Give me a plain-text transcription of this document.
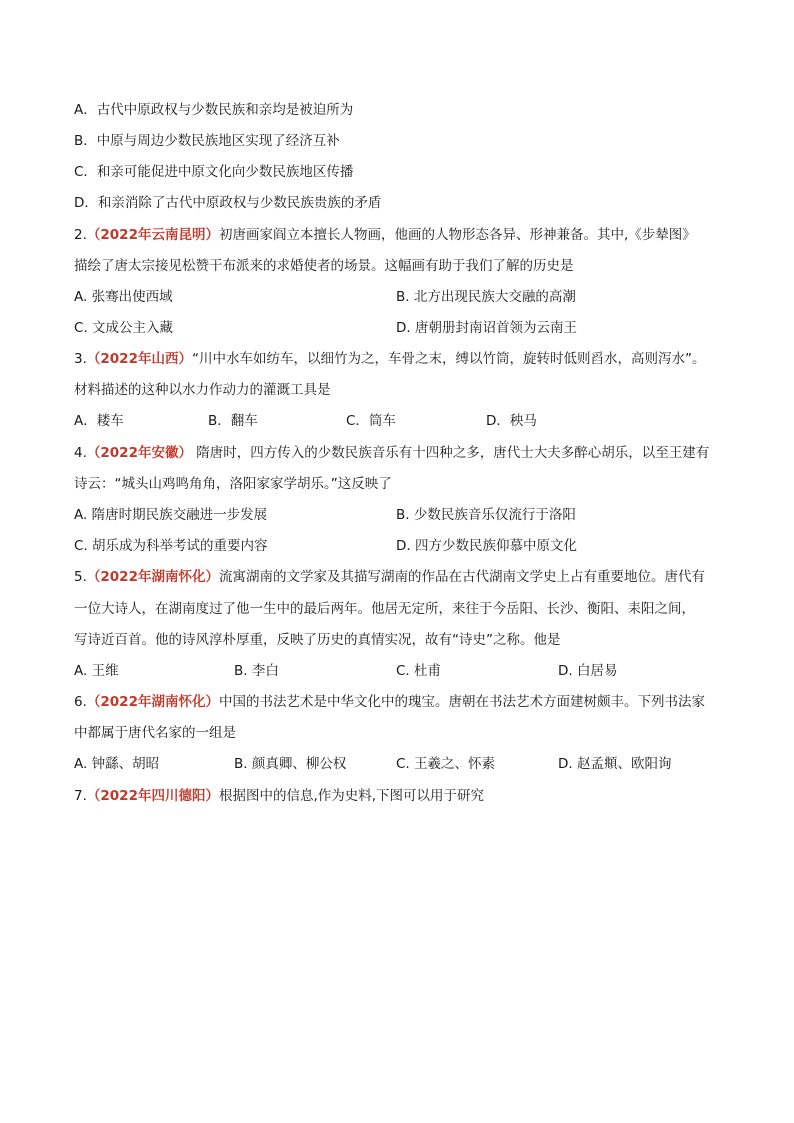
A．古代中原政权与少数民族和亲均是被迫所为
B．中原与周边少数民族地区实现了经济互补
C．和亲可能促进中原文化向少数民族地区传播
D．和亲消除了古代中原政权与少数民族贵族的矛盾
2.（2022年云南昆明）初唐画家阎立本擅长人物画，他画的人物形态各异、形神兼备。其中,《步辇图》
描绘了唐太宗接见松赞干布派来的求婚使者的场景。这幅画有助于我们了解的历史是
A. 张骞出使西域	B. 北方出现民族大交融的高潮
C. 文成公主入藏	D. 唐朝册封南诏首领为云南王
3.（2022年山西）“川中水车如纺车，以细竹为之，车骨之末，缚以竹筒，旋转时低则舀水，高则泻水”。
材料描述的这种以水力作动力的灌溉工具是
A．耧车	B．翻车	C．筒车	D．秧马
4.（2022年安徽） 隋唐时，四方传入的少数民族音乐有十四种之多，唐代士大夫多醉心胡乐，以至王建有
诗云：“城头山鸡鸣角角，洛阳家家学胡乐。”这反映了
A. 隋唐时期民族交融进一步发展	B. 少数民族音乐仅流行于洛阳
C. 胡乐成为科举考试的重要内容	D. 四方少数民族仰慕中原文化
5.（2022年湖南怀化）流寓湖南的文学家及其描写湖南的作品在古代湖南文学史上占有重要地位。唐代有
一位大诗人，在湖南度过了他一生中的最后两年。他居无定所，来往于今岳阳、长沙、衡阳、耒阳之间，
写诗近百首。他的诗风淳朴厚重，反映了历史的真情实况，故有“诗史”之称。他是
A. 王维	B. 李白	C. 杜甫	D. 白居易
6.（2022年湖南怀化）中国的书法艺术是中华文化中的瑰宝。唐朝在书法艺术方面建树颇丰。下列书法家
中都属于唐代名家的一组是
A. 钟繇、胡昭	B. 颜真卿、柳公权	C. 王羲之、怀素	D. 赵孟頫、欧阳询
7.（2022年四川德阳）根据图中的信息,作为史料,下图可以用于研究
